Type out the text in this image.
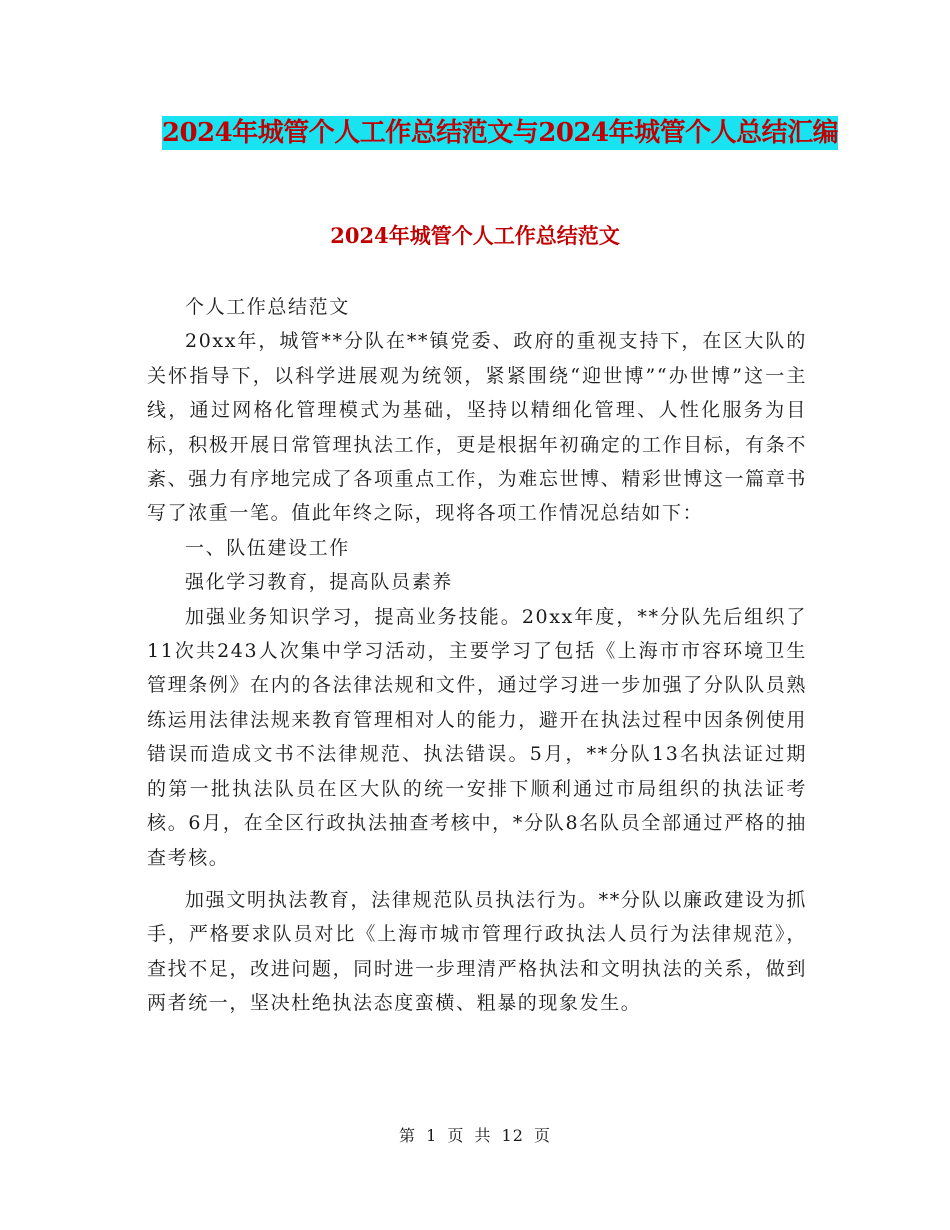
2024年城管个人工作总结范文与2024年城管个人总结汇编
2024年城管个人工作总结范文

个人工作总结范文

20xx年，城管**分队在**镇党委、政府的重视支持下，在区大队的关怀指导下，以科学进展观为统领，紧紧围绕“迎世博”“办世博”这一主线，通过网格化管理模式为基础，坚持以精细化管理、人性化服务为目标，积极开展日常管理执法工作，更是根据年初确定的工作目标，有条不紊、强力有序地完成了各项重点工作，为难忘世博、精彩世博这一篇章书写了浓重一笔。值此年终之际，现将各项工作情况总结如下：

一、队伍建设工作

强化学习教育，提高队员素养

加强业务知识学习，提高业务技能。20xx年度，**分队先后组织了11次共243人次集中学习活动，主要学习了包括《上海市市容环境卫生管理条例》在内的各法律法规和文件，通过学习进一步加强了分队队员熟练运用法律法规来教育管理相对人的能力，避开在执法过程中因条例使用错误而造成文书不法律规范、执法错误。5月，**分队13名执法证过期的第一批执法队员在区大队的统一安排下顺利通过市局组织的执法证考核。6月，在全区行政执法抽查考核中，*分队8名队员全部通过严格的抽查考核。

加强文明执法教育，法律规范队员执法行为。**分队以廉政建设为抓手，严格要求队员对比《上海市城市管理行政执法人员行为法律规范》，查找不足，改进问题，同时进一步理清严格执法和文明执法的关系，做到两者统一，坚决杜绝执法态度蛮横、粗暴的现象发生。

第 1 页 共 12 页
